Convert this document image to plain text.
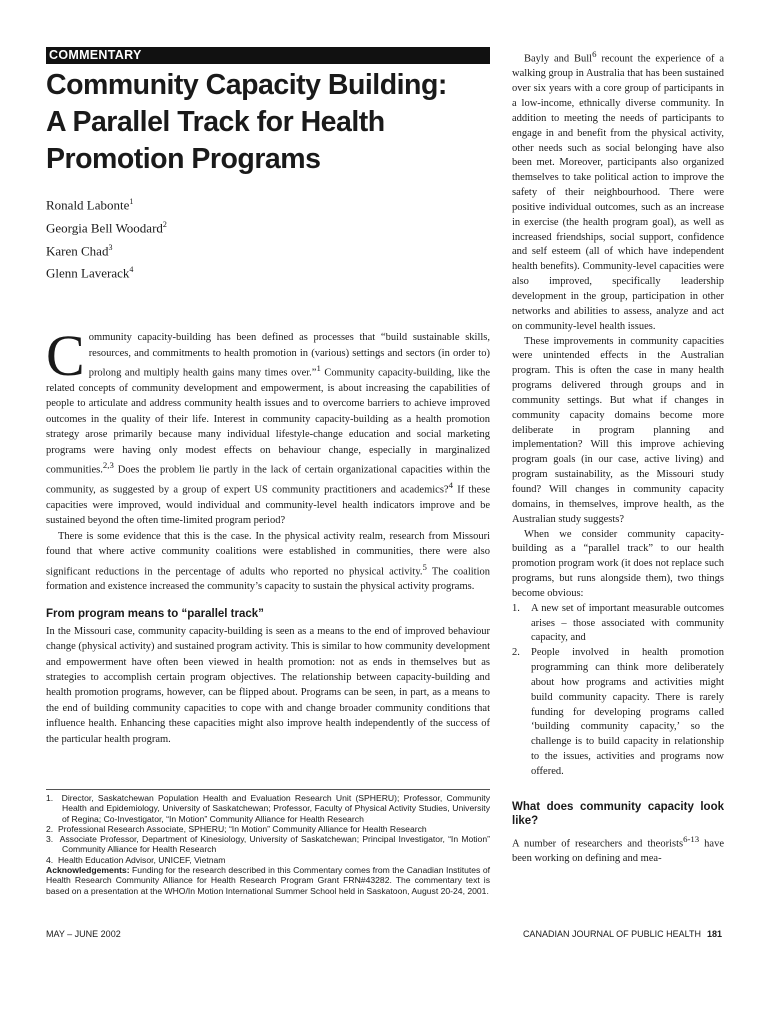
COMMENTARY
Community Capacity Building:
A Parallel Track for Health
Promotion Programs
Ronald Labonte$^1$
Georgia Bell Woodard$^2$
Karen Chad$^3$
Glenn Laverack$^4$

Community capacity-building has been defined as processes that “build sustainable skills, resources, and commitments to health promotion in (various) settings and sectors (in order to) prolong and multiply health gains many times over.”$^1$ Community capacity-building, like the related concepts of community development and empowerment, is about increasing the capabilities of people to articulate and address community health issues and to overcome barriers to achieve improved outcomes in the quality of their life. Interest in community capacity-building as a health promotion strategy arose primarily because many individual lifestyle-change education and social marketing programs were having only modest effects on behaviour change, especially in marginalized communities.$^{2,3}$ Does the problem lie partly in the lack of certain organizational capacities within the community, as suggested by a group of expert US community practitioners and academics?$^4$ If these capacities were improved, would individual and community-level health indicators improve and be sustained beyond the often time-limited program period?

There is some evidence that this is the case. In the physical activity realm, research from Missouri found that where active community coalitions were established in communities, there were also significant reductions in the percentage of adults who reported no physical activity.$^5$ The coalition formation and existence increased the community’s capacity to sustain the physical activity programs.

From program means to “parallel track”

In the Missouri case, community capacity-building is seen as a means to the end of improved behaviour change (physical activity) and sustained program activity. This is similar to how community development and empowerment have often been viewed in health promotion: not as ends in themselves but as strategies to accomplish certain program objectives. The relationship between capacity-building and health promotion programs, however, can be flipped about. Programs can be seen, in part, as a means to the end of building community capacities to cope with and change broader community conditions that influence health. Enhancing these capacities might also improve health independently of the success of the particular health program.

1. Director, Saskatchewan Population Health and Evaluation Research Unit (SPHERU); Professor, Community Health and Epidemiology, University of Saskatchewan; Professor, Faculty of Physical Activity Studies, University of Regina; Co-Investigator, “In Motion” Community Alliance for Health Research
2. Professional Research Associate, SPHERU; “In Motion” Community Alliance for Health Research
3. Associate Professor, Department of Kinesiology, University of Saskatchewan; Principal Investigator, “In Motion” Community Alliance for Health Research
4. Health Education Advisor, UNICEF, Vietnam
Acknowledgements: Funding for the research described in this Commentary comes from the Canadian Institutes of Health Research Community Alliance for Health Research Program Grant FRN#43282. The commentary text is based on a presentation at the WHO/In Motion International Summer School held in Saskatoon, August 20-24, 2001.

Bayly and Bull$^6$ recount the experience of a walking group in Australia that has been sustained over six years with a core group of participants in a low-income, ethnically diverse community. In addition to meeting the needs of participants to engage in and benefit from the physical activity, other needs such as social belonging have also been met. Moreover, participants also organized themselves to take political action to improve the safety of their neighbourhood. There were positive individual outcomes, such as an increase in exercise (the health program goal), as well as increased friendships, social support, confidence and self esteem (all of which have independent health benefits). Community-level capacities were also improved, specifically leadership development in the group, participation in other networks and abilities to assess, analyze and act on community-level health issues.

These improvements in community capacities were unintended effects in the Australian program. This is often the case in many health programs delivered through groups and in community settings. But what if changes in community capacity domains become more deliberate in program planning and implementation? Will this improve achieving program goals (in our case, active living) and program sustainability, as the Missouri study found? Will changes in community capacity domains, in themselves, improve health, as the Australian study suggests?

When we consider community capacity-building as a “parallel track” to our health promotion program work (it does not replace such programs, but runs alongside them), two things become obvious:

1.	A new set of important measurable outcomes arises – those associated with community capacity, and
2.	People involved in health promotion programming can think more deliberately about how programs and activities might build community capacity. There is rarely funding for developing programs called ‘building community capacity,’ so the challenge is to build capacity in relationship to the issues, activities and programs now offered.
What does community capacity look like?

A number of researchers and theorists$^{6-13}$ have been working on defining and mea-

MAY – JUNE 2002	CANADIAN JOURNAL OF PUBLIC HEALTH 181
